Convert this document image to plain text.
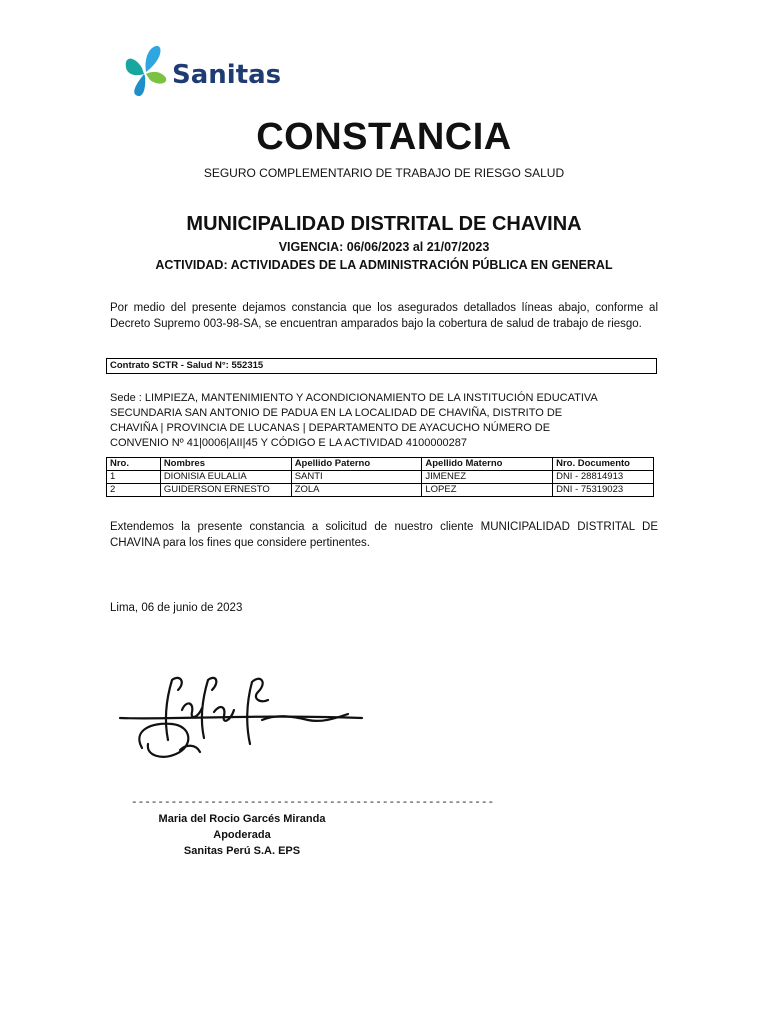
Sanitas
CONSTANCIA
SEGURO COMPLEMENTARIO DE TRABAJO DE RIESGO SALUD
MUNICIPALIDAD DISTRITAL DE CHAVINA
VIGENCIA: 06/06/2023 al 21/07/2023
ACTIVIDAD: ACTIVIDADES DE LA ADMINISTRACIÓN PÚBLICA EN GENERAL
Por medio del presente dejamos constancia que los asegurados detallados líneas abajo, conforme al Decreto Supremo 003-98-SA, se encuentran amparados bajo la cobertura de salud de trabajo de riesgo.
Contrato SCTR - Salud N°: 552315
Sede : LIMPIEZA, MANTENIMIENTO Y ACONDICIONAMIENTO DE LA INSTITUCIÓN EDUCATIVA SECUNDARIA SAN ANTONIO DE PADUA EN LA LOCALIDAD DE CHAVIÑA, DISTRITO DE CHAVIÑA | PROVINCIA DE LUCANAS | DEPARTAMENTO DE AYACUCHO NÚMERO DE CONVENIO Nº 41|0006|AII|45 Y CÓDIGO E LA ACTIVIDAD 4100000287
Nro.	Nombres	Apellido Paterno	Apellido Materno	Nro. Documento
1	DIONISIA EULALIA	SANTI	JIMENEZ	DNI - 28814913
2	GUIDERSON ERNESTO	ZOLA	LOPEZ	DNI - 75319023
Extendemos la presente constancia a solicitud de nuestro cliente MUNICIPALIDAD DISTRITAL DE CHAVINA para los fines que considere pertinentes.
Lima, 06 de junio de 2023
-------------------------------------------------------
Maria del Rocio Garcés Miranda
Apoderada
Sanitas Perú S.A. EPS
